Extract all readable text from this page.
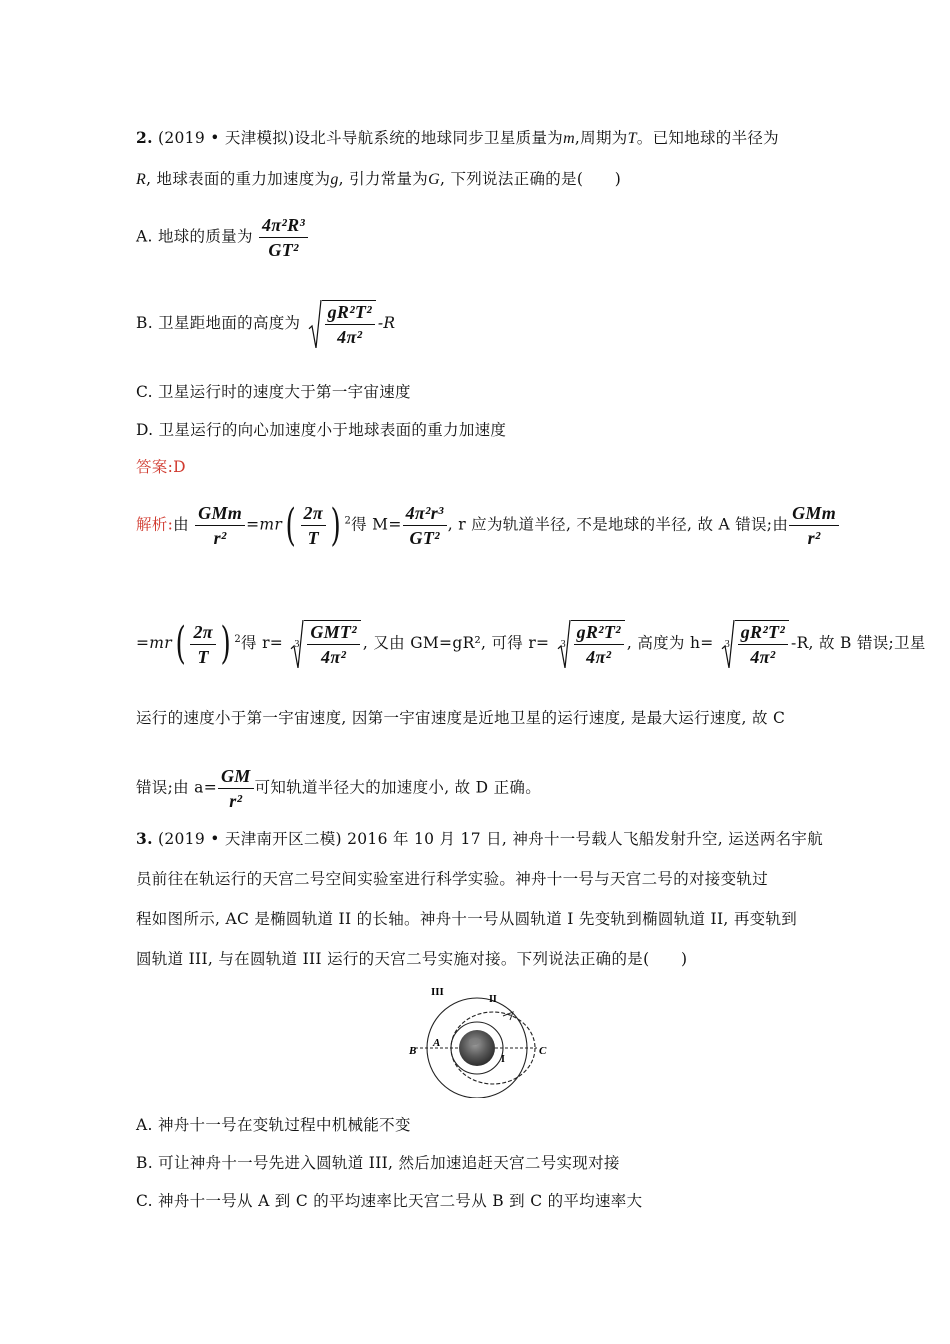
2. (2019 • 天津模拟)设北斗导航系统的地球同步卫星质量为m,周期为T。已知地球的半径为
R, 地球表面的重力加速度为g, 引力常量为G, 下列说法正确的是(　　)
A. 地球的质量为 $\frac{\text{4π²R³}}{\text{GT²}}$
B. 卫星距地面的高度为 $\frac{\text{gR²T²}}{\text{4π²}} -R$
C. 卫星运行时的速度大于第一宇宙速度
D. 卫星运行的向心加速度小于地球表面的重力加速度
答案:D
解析:由 $\frac{\text{GMm}}{\text{r²}} =mr( \frac{2\pi}{T}$ ) $^2$得 $M= \frac{\text{4π²r³}}{\text{GT²}}$ , r 应为轨道半径, 不是地球的半径, 故 A 错误;由 $\frac{\text{GMm}}{\text{r²}}$
$=mr( \frac{2\pi}{T}$ ) $^2$得 $r= 3 \frac{\text{GMT²}}{\text{4π²}}$ , 又由 GM=gR², 可得 $r= 3 \frac{\text{gR²T²}}{\text{4π²}}$ , 高度为 $h= 3 \frac{\text{gR²T²}}{\text{4π²}} -R$, 故 B 错误;卫星
运行的速度小于第一宇宙速度, 因第一宇宙速度是近地卫星的运行速度, 是最大运行速度, 故 C
错误;由 $a= \frac{GM}{\text{r²}}$ 可知轨道半径大的加速度小, 故 D 正确。
3. (2019 • 天津南开区二模) 2016 年 10 月 17 日, 神舟十一号载人飞船发射升空, 运送两名宇航
员前往在轨运行的天宫二号空间实验室进行科学实验。神舟十一号与天宫二号的对接变轨过
程如图所示, AC 是椭圆轨道 II 的长轴。神舟十一号从圆轨道 I 先变轨到椭圆轨道 II, 再变轨到
圆轨道 III, 与在圆轨道 III 运行的天宫二号实施对接。下列说法正确的是(　　)
III
II
I
A
B	C
A. 神舟十一号在变轨过程中机械能不变
B. 可让神舟十一号先进入圆轨道 III, 然后加速追赶天宫二号实现对接
C. 神舟十一号从 A 到 C 的平均速率比天宫二号从 B 到 C 的平均速率大
